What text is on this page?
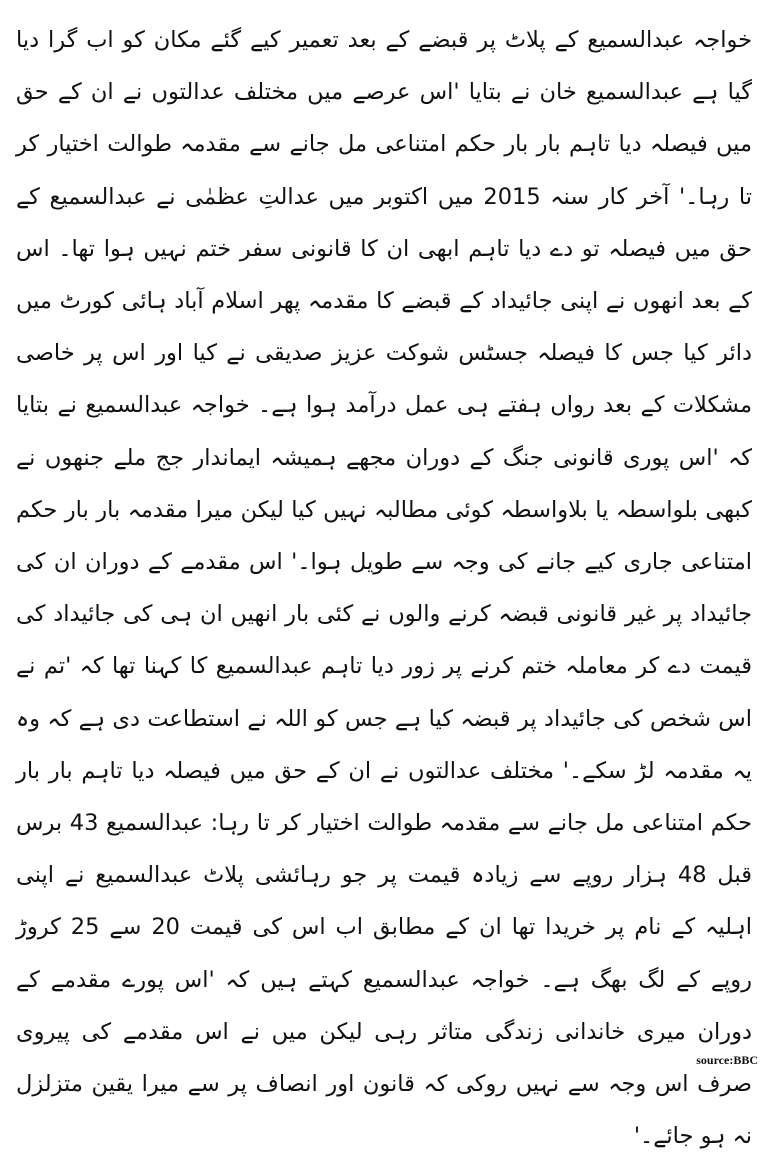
خواجہ عبدالسمیع کے پلاٹ پر قبضے کے بعد تعمیر کیے گئے مکان کو اب گرا دیا گیا ہے عبدالسمیع خان نے بتایا 'اس عرصے میں مختلف عدالتوں نے ان کے حق میں فیصلہ دیا تاہم بار بار حکم امتناعی مل جانے سے مقدمہ طوالت اختیار کر تا رہا۔' آخر کار سنہ 2015 میں اکتوبر میں عدالتِ عظمٰی نے عبدالسمیع کے حق میں فیصلہ تو دے دیا تاہم ابھی ان کا قانونی سفر ختم نہیں ہوا تھا۔ اس کے بعد انھوں نے اپنی جائیداد کے قبضے کا مقدمہ پھر اسلام آباد ہائی کورٹ میں دائر کیا جس کا فیصلہ جسٹس شوکت عزیز صدیقی نے کیا اور اس پر خاصی مشکلات کے بعد رواں ہفتے ہی عمل درآمد ہوا ہے۔ خواجہ عبدالسمیع نے بتایا کہ 'اس پوری قانونی جنگ کے دوران مجھے ہمیشہ ایماندار جج ملے جنھوں نے کبھی بلواسطہ یا بلاواسطہ کوئی مطالبہ نہیں کیا لیکن میرا مقدمہ بار بار حکم امتناعی جاری کیے جانے کی وجہ سے طویل ہوا۔' اس مقدمے کے دوران ان کی جائیداد پر غیر قانونی قبضہ کرنے والوں نے کئی بار انھیں ان ہی کی جائیداد کی قیمت دے کر معاملہ ختم کرنے پر زور دیا تاہم عبدالسمیع کا کہنا تھا کہ 'تم نے اس شخص کی جائیداد پر قبضہ کیا ہے جس کو اللہ نے استطاعت دی ہے کہ وہ یہ مقدمہ لڑ سکے۔' مختلف عدالتوں نے ان کے حق میں فیصلہ دیا تاہم بار بار حکم امتناعی مل جانے سے مقدمہ طوالت اختیار کر تا رہا: عبدالسمیع 43 برس قبل 48 ہزار روپے سے زیادہ قیمت پر جو رہائشی پلاٹ عبدالسمیع نے اپنی اہلیہ کے نام پر خریدا تھا ان کے مطابق اب اس کی قیمت 20 سے 25 کروڑ روپے کے لگ بھگ ہے۔ خواجہ عبدالسمیع کہتے ہیں کہ 'اس پورے مقدمے کے دوران میری خاندانی زندگی متاثر رہی لیکن میں نے اس مقدمے کی پیروی صرف اس وجہ سے نہیں روکی کہ قانون اور انصاف پر سے میرا یقین متزلزل نہ ہو جائے۔'

source:BBC
